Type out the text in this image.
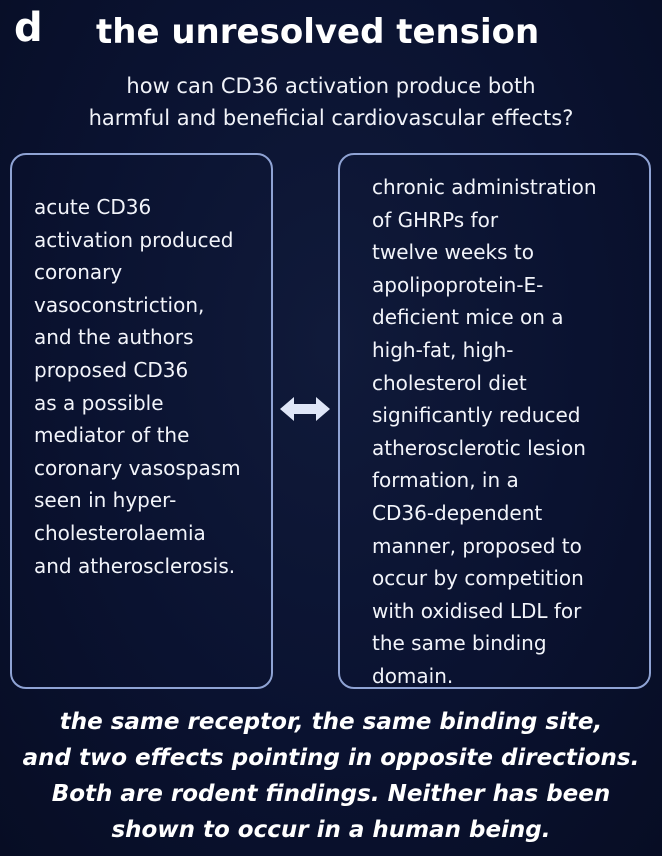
d the unresolved tension
how can CD36 activation produce both
harmful and beneficial cardiovascular effects?
acute CD36
activation produced
coronary
vasoconstriction,
and the authors
proposed CD36
as a possible
mediator of the
coronary vasospasm
seen in hyper-
cholesterolaemia
and atherosclerosis.
chronic administration
of GHRPs for
twelve weeks to
apolipoprotein-E-
deficient mice on a
high-fat, high-
cholesterol diet
significantly reduced
atherosclerotic lesion
formation, in a
CD36-dependent
manner, proposed to
occur by competition
with oxidised LDL for
the same binding
domain.
the same receptor, the same binding site,
and two effects pointing in opposite directions.
Both are rodent findings. Neither has been
shown to occur in a human being.
